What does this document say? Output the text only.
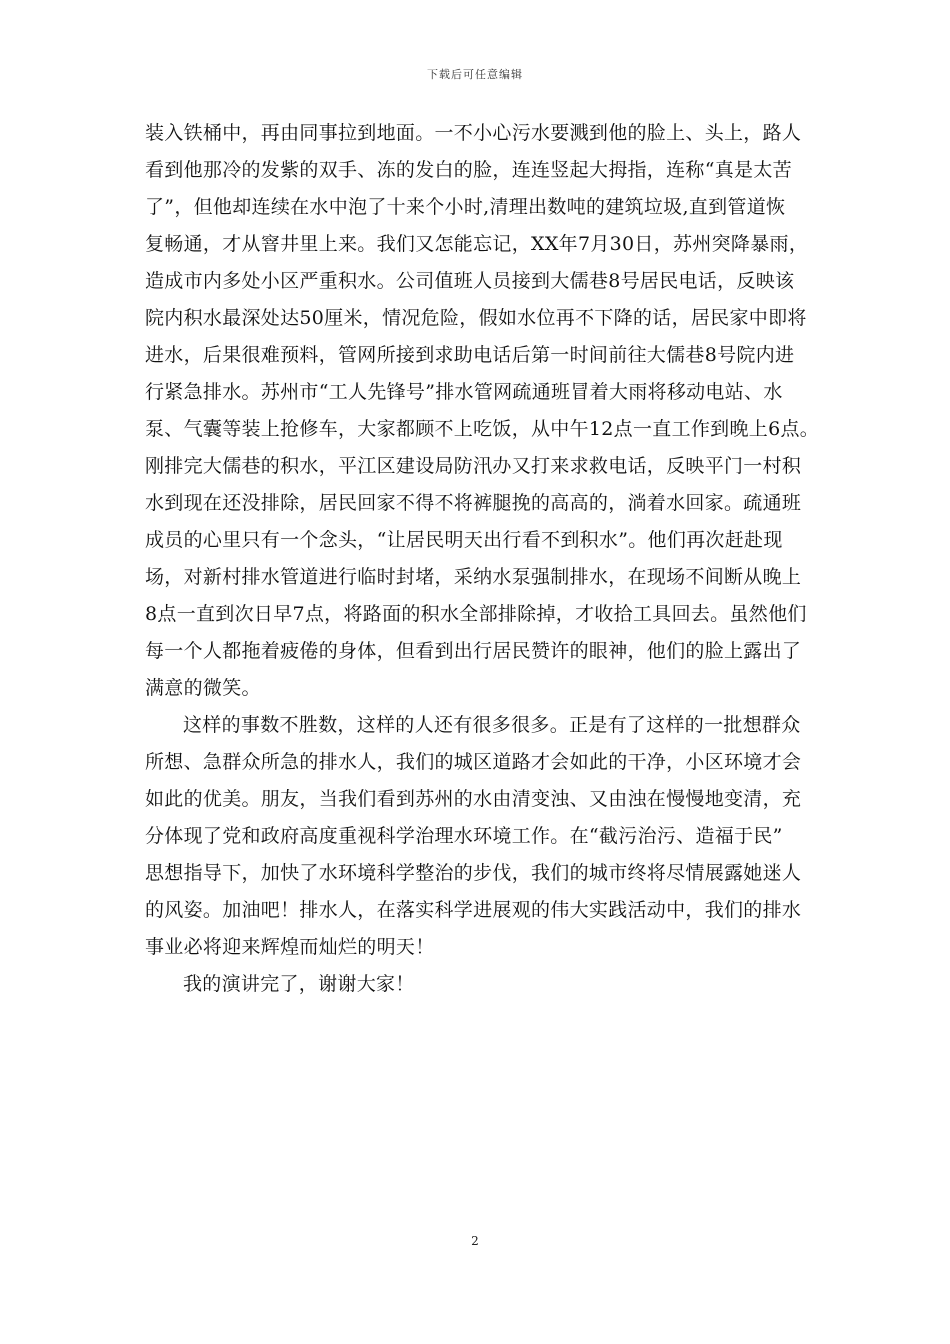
下载后可任意编辑
装入铁桶中，再由同事拉到地面。一不小心污水要溅到他的脸上、头上，路人
看到他那冷的发紫的双手、冻的发白的脸，连连竖起大拇指，连称“真是太苦
了”，但他却连续在水中泡了十来个小时,清理出数吨的建筑垃圾,直到管道恢
复畅通，才从窨井里上来。我们又怎能忘记，XX年7月30日，苏州突降暴雨，
造成市内多处小区严重积水。公司值班人员接到大儒巷8号居民电话，反映该
院内积水最深处达50厘米，情况危险，假如水位再不下降的话，居民家中即将
进水，后果很难预料，管网所接到求助电话后第一时间前往大儒巷8号院内进
行紧急排水。苏州市“工人先锋号”排水管网疏通班冒着大雨将移动电站、水
泵、气囊等装上抢修车，大家都顾不上吃饭，从中午12点一直工作到晚上6点。
刚排完大儒巷的积水，平江区建设局防汛办又打来求救电话，反映平门一村积
水到现在还没排除，居民回家不得不将裤腿挽的高高的，淌着水回家。疏通班
成员的心里只有一个念头，“让居民明天出行看不到积水”。他们再次赶赴现
场，对新村排水管道进行临时封堵，采纳水泵强制排水，在现场不间断从晚上
8点一直到次日早7点，将路面的积水全部排除掉，才收拾工具回去。虽然他们
每一个人都拖着疲倦的身体，但看到出行居民赞许的眼神，他们的脸上露出了
满意的微笑。
这样的事数不胜数，这样的人还有很多很多。正是有了这样的一批想群众
所想、急群众所急的排水人，我们的城区道路才会如此的干净，小区环境才会
如此的优美。朋友，当我们看到苏州的水由清变浊、又由浊在慢慢地变清，充
分体现了党和政府高度重视科学治理水环境工作。在“截污治污、造福于民”
思想指导下，加快了水环境科学整治的步伐，我们的城市终将尽情展露她迷人
的风姿。加油吧！排水人，在落实科学进展观的伟大实践活动中，我们的排水
事业必将迎来辉煌而灿烂的明天！
我的演讲完了，谢谢大家！
2
